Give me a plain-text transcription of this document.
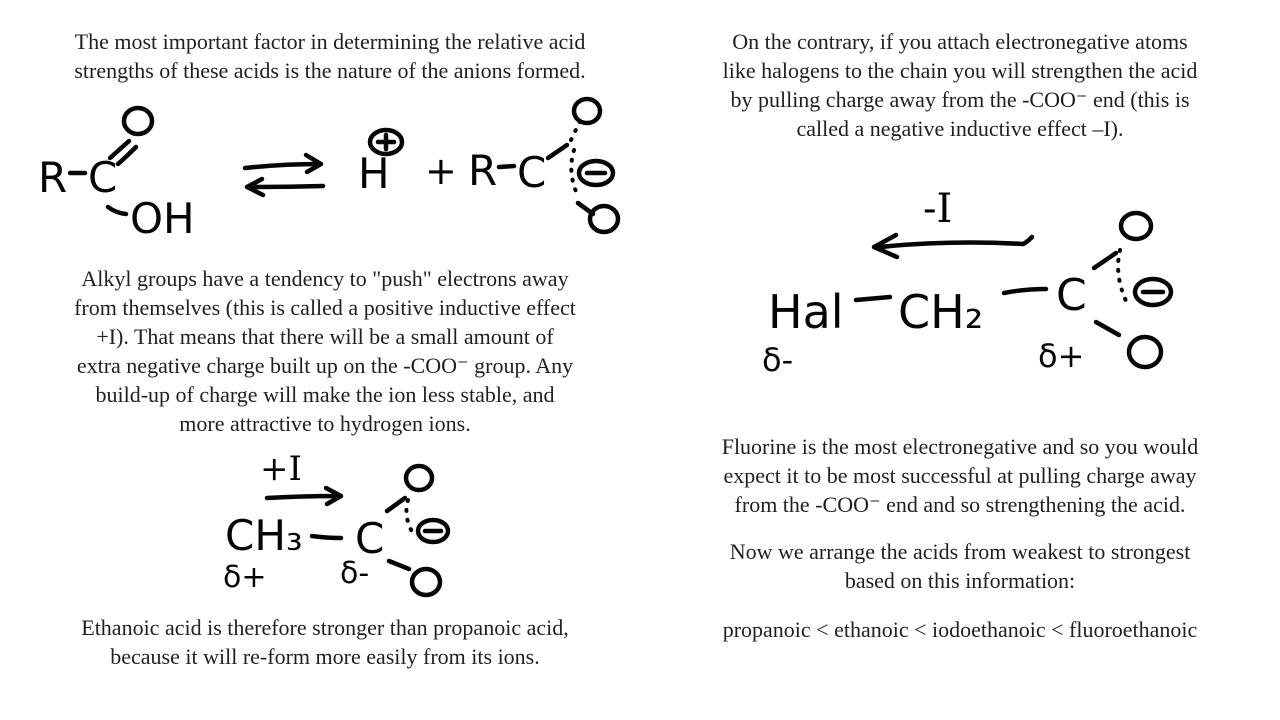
The most important factor in determining the relative acid
strengths of these acids is the nature of the anions formed.

R C
OH
H + R C

Alkyl groups have a tendency to "push" electrons away
from themselves (this is called a positive inductive effect
+I). That means that there will be a small amount of
extra negative charge built up on the -COO⁻ group. Any
build-up of charge will make the ion less stable, and
more attractive to hydrogen ions.

+I
CH₃
δ+
C
δ-

Ethanoic acid is therefore stronger than propanoic acid,
because it will re-form more easily from its ions.

On the contrary, if you attach electronegative atoms
like halogens to the chain you will strengthen the acid
by pulling charge away from the -COO⁻ end (this is
called a negative inductive effect –I).

-I
Hal
δ-
CH₂ C
δ+

Fluorine is the most electronegative and so you would
expect it to be most successful at pulling charge away
from the -COO⁻ end and so strengthening the acid.

Now we arrange the acids from weakest to strongest
based on this information:

propanoic < ethanoic < iodoethanoic < fluoroethanoic
